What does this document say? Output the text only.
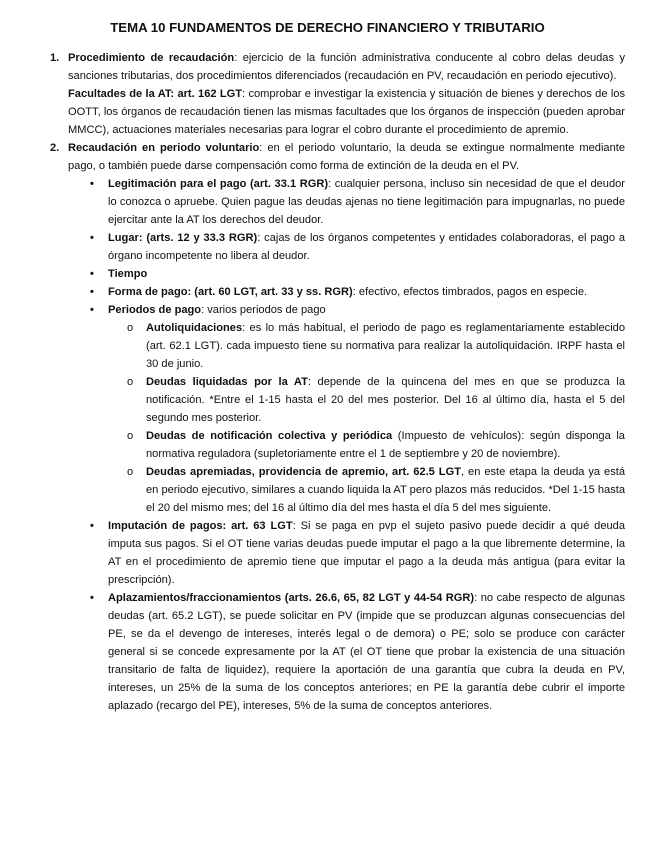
TEMA 10 FUNDAMENTOS DE DERECHO FINANCIERO Y TRIBUTARIO
1. Procedimiento de recaudación: ejercicio de la función administrativa conducente al cobro delas deudas y sanciones tributarias, dos procedimientos diferenciados (recaudación en PV, recaudación en periodo ejecutivo).

Facultades de la AT: art. 162 LGT: comprobar e investigar la existencia y situación de bienes y derechos de los OOTT, los órganos de recaudación tienen las mismas facultades que los órganos de inspección (pueden aprobar MMCC), actuaciones materiales necesarias para lograr el cobro durante el procedimiento de apremio.

2. Recaudación en periodo voluntario: en el periodo voluntario, la deuda se extingue normalmente mediante pago, o también puede darse compensación como forma de extinción de la deuda en el PV.

• Legitimación para el pago (art. 33.1 RGR): cualquier persona, incluso sin necesidad de que el deudor lo conozca o apruebe. Quien pague las deudas ajenas no tiene legitimación para impugnarlas, no puede ejercitar ante la AT los derechos del deudor.
• Lugar: (arts. 12 y 33.3 RGR): cajas de los órganos competentes y entidades colaboradoras, el pago a órgano incompetente no libera al deudor.
• Tiempo
• Forma de pago: (art. 60 LGT, art. 33 y ss. RGR): efectivo, efectos timbrados, pagos en especie.
• Periodos de pago: varios periodos de pago
o Autoliquidaciones: es lo más habitual, el periodo de pago es reglamentariamente establecido (art. 62.1 LGT). cada impuesto tiene su normativa para realizar la autoliquidación. IRPF hasta el 30 de junio.
o Deudas liquidadas por la AT: depende de la quincena del mes en que se produzca la notificación. *Entre el 1-15 hasta el 20 del mes posterior. Del 16 al último día, hasta el 5 del segundo mes posterior.
o Deudas de notificación colectiva y periódica (Impuesto de vehículos): según disponga la normativa reguladora (supletoriamente entre el 1 de septiembre y 20 de noviembre).
o Deudas apremiadas, providencia de apremio, art. 62.5 LGT, en este etapa la deuda ya está en periodo ejecutivo, similares a cuando liquida la AT pero plazos más reducidos. *Del 1-15 hasta el 20 del mismo mes; del 16 al último día del mes hasta el día 5 del mes siguiente.
• Imputación de pagos: art. 63 LGT: Si se paga en pvp el sujeto pasivo puede decidir a qué deuda imputa sus pagos. Si el OT tiene varias deudas puede imputar el pago a la que libremente determine, la AT en el procedimiento de apremio tiene que imputar el pago a la deuda más antigua (para evitar la prescripción).
• Aplazamientos/fraccionamientos (arts. 26.6, 65, 82 LGT y 44-54 RGR): no cabe respecto de algunas deudas (art. 65.2 LGT), se puede solicitar en PV (impide que se produzcan algunas consecuencias del PE, se da el devengo de intereses, interés legal o de demora) o PE; solo se produce con carácter general si se concede expresamente por la AT (el OT tiene que probar la existencia de una situación transitario de falta de liquidez), requiere la aportación de una garantía que cubra la deuda en PV, intereses, un 25% de la suma de los conceptos anteriores; en PE la garantía debe cubrir el importe aplazado (recargo del PE), intereses, 5% de la suma de conceptos anteriores.
